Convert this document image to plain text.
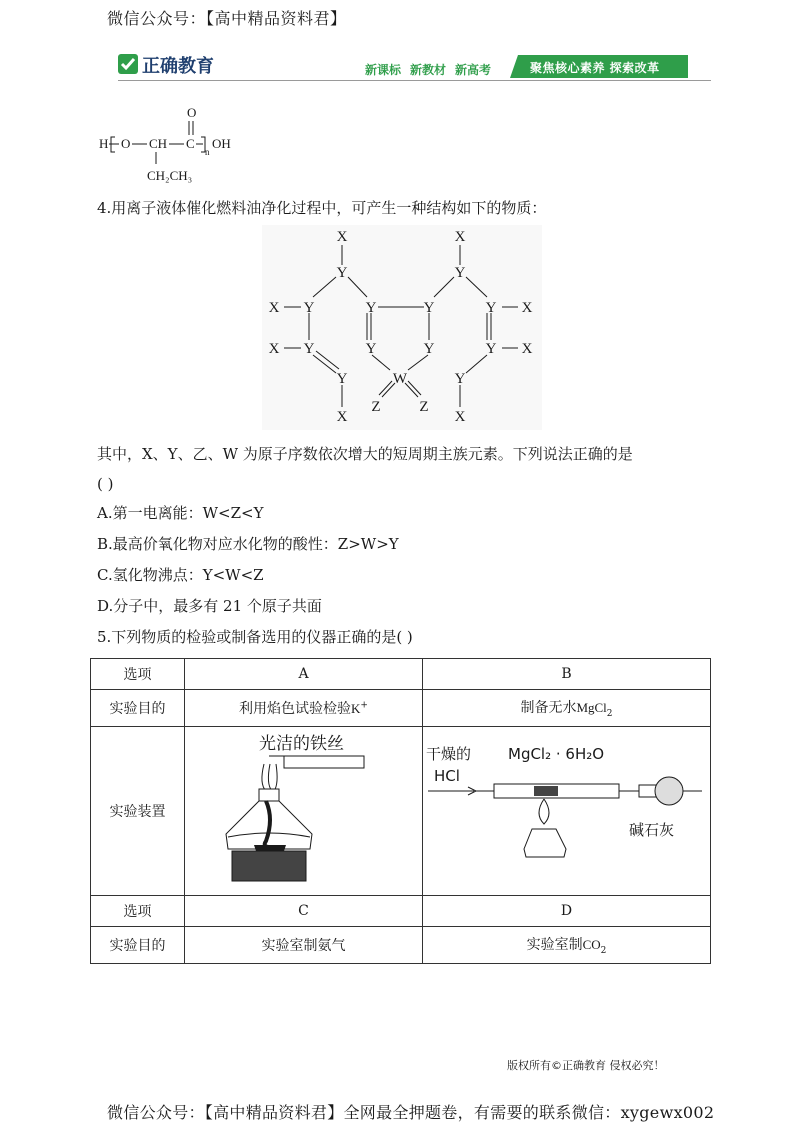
微信公众号：【高中精品资料君】
正确教育	新课标 新教材 新高考	聚焦核心素养 探索改革
H O CH C
O
n
OH
CH₂CH₃
4.用离子液体催化燃料油净化过程中，可产生一种结构如下的物质：
X
Y
X Y	Y
X Y	Y
Y
X
W
Z	Z
X
Y
Y	Y X
Y	Y X
Y
X
其中，X、Y、乙、W 为原子序数依次增大的短周期主族元素。下列说法正确的是
( )
A.第一电离能：W<Z<Y
B.最高价氧化物对应水化物的酸性：Z>W>Y
C.氢化物沸点：Y<W<Z
D.分子中，最多有 21 个原子共面
5.下列物质的检验或制备选用的仪器正确的是( )
选项	A	B
实验目的	利用焰色试验检验K+	制备无水MgCl$_2$
实验装置	光洁的铁丝	干燥的
HCl
MgCl₂ · 6H₂O
碱石灰

选项	C	D
实验目的	实验室制氨气	实验室制$CO_2$
版权所有©正确教育 侵权必究！
微信公众号：【高中精品资料君】全网最全押题卷，有需要的联系微信：xygewx002
